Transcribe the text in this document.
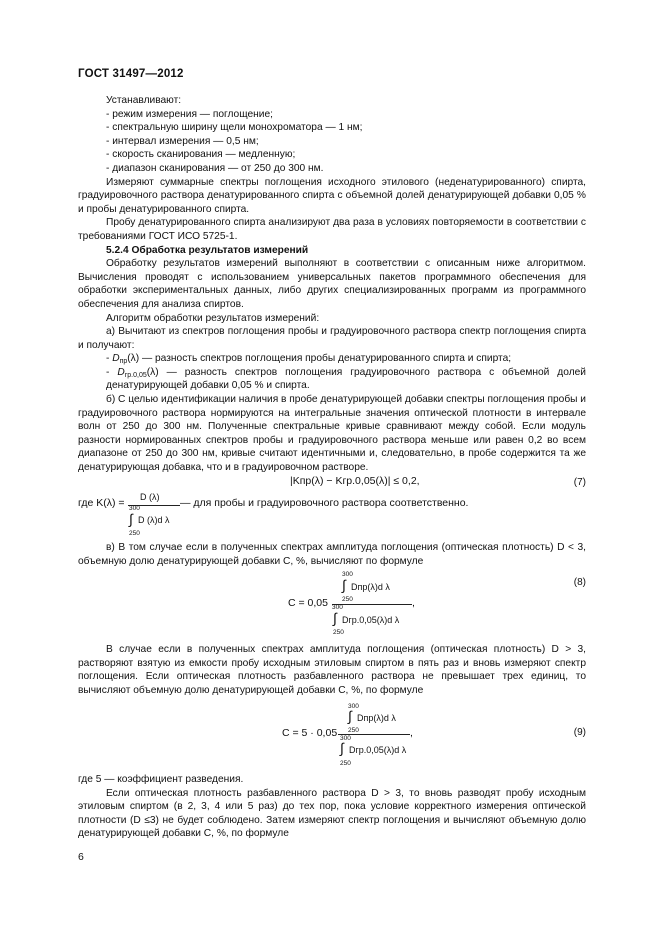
ГОСТ 31497—2012
Устанавливают:
- режим измерения — поглощение;
- спектральную ширину щели монохроматора — 1 нм;
- интервал измерения — 0,5 нм;
- скорость сканирования — медленную;
- диапазон сканирования — от 250 до 300 нм.
Измеряют суммарные спектры поглощения исходного этилового (неденатурированного) спирта, градуировочного раствора денатурированного спирта с объемной долей денатурирующей добавки 0,05 % и пробы денатурированного спирта.
Пробу денатурированного спирта анализируют два раза в условиях повторяемости в соответствии с требованиями ГОСТ ИСО 5725-1.
5.2.4 Обработка результатов измерений
Обработку результатов измерений выполняют в соответствии с описанным ниже алгоритмом. Вычисления проводят с использованием универсальных пакетов программного обеспечения для обработки экспериментальных данных, либо других специализированных программ из программного обеспечения для анализа спиртов.
Алгоритм обработки результатов измерений:
а) Вычитают из спектров поглощения пробы и градуировочного раствора спектр поглощения спирта и получают:
- $D_{пр}(\lambda)$ — разность спектров поглощения пробы денатурированного спирта и спирта;
- $D_{гр.0,05}(\lambda)$ — разность спектров поглощения градуировочного раствора с объемной долей денатурирующей добавки 0,05 % и спирта.
б) С целью идентификации наличия в пробе денатурирующей добавки спектры поглощения пробы и градуировочного раствора нормируются на интегральные значения оптической плотности в интервале волн от 250 до 300 нм. Полученные спектральные кривые сравнивают между собой. Если модуль разности нормированных спектров пробы и градуировочного раствора меньше или равен 0,2 во всем диапазоне от 250 до 300 нм, кривые считают идентичными и, следовательно, в пробе содержится та же денатурирующая добавка, что и в градуировочном растворе.
|Kпр(λ) − Kгр.0,05(λ)| ≤ 0,2,	(7)
где K(λ) = D (λ)
300
∫ D (λ)d λ
250
— для пробы и градуировочного раствора соответственно.
в) В том случае если в полученных спектрах амплитуда поглощения (оптическая плотность) D < 3, объемную долю денатурирующей добавки C, %, вычисляют по формуле
C = 0,05
300
∫ Dпр(λ)d λ
250	,
300
∫ Dгр.0,05(λ)d λ
250
(8)
В случае если в полученных спектрах амплитуда поглощения (оптическая плотность) D > 3, растворяют взятую из емкости пробу исходным этиловым спиртом в пять раз и вновь измеряют спектр поглощения. Если оптическая плотность разбавленного раствора не превышает трех единиц, то вычисляют объемную долю денатурирующей добавки C, %, по формуле
C = 5 · 0,05
300
∫ Dпр(λ)d λ
250	,
300
∫ Dгр.0,05(λ)d λ
250
(9)
где 5 — коэффициент разведения.
Если оптическая плотность разбавленного раствора D > 3, то вновь разводят пробу исходным этиловым спиртом (в 2, 3, 4 или 5 раз) до тех пор, пока условие корректного измерения оптической плотности (D ≤3) не будет соблюдено. Затем измеряют спектр поглощения и вычисляют объемную долю денатурирующей добавки C, %, по формуле
6
